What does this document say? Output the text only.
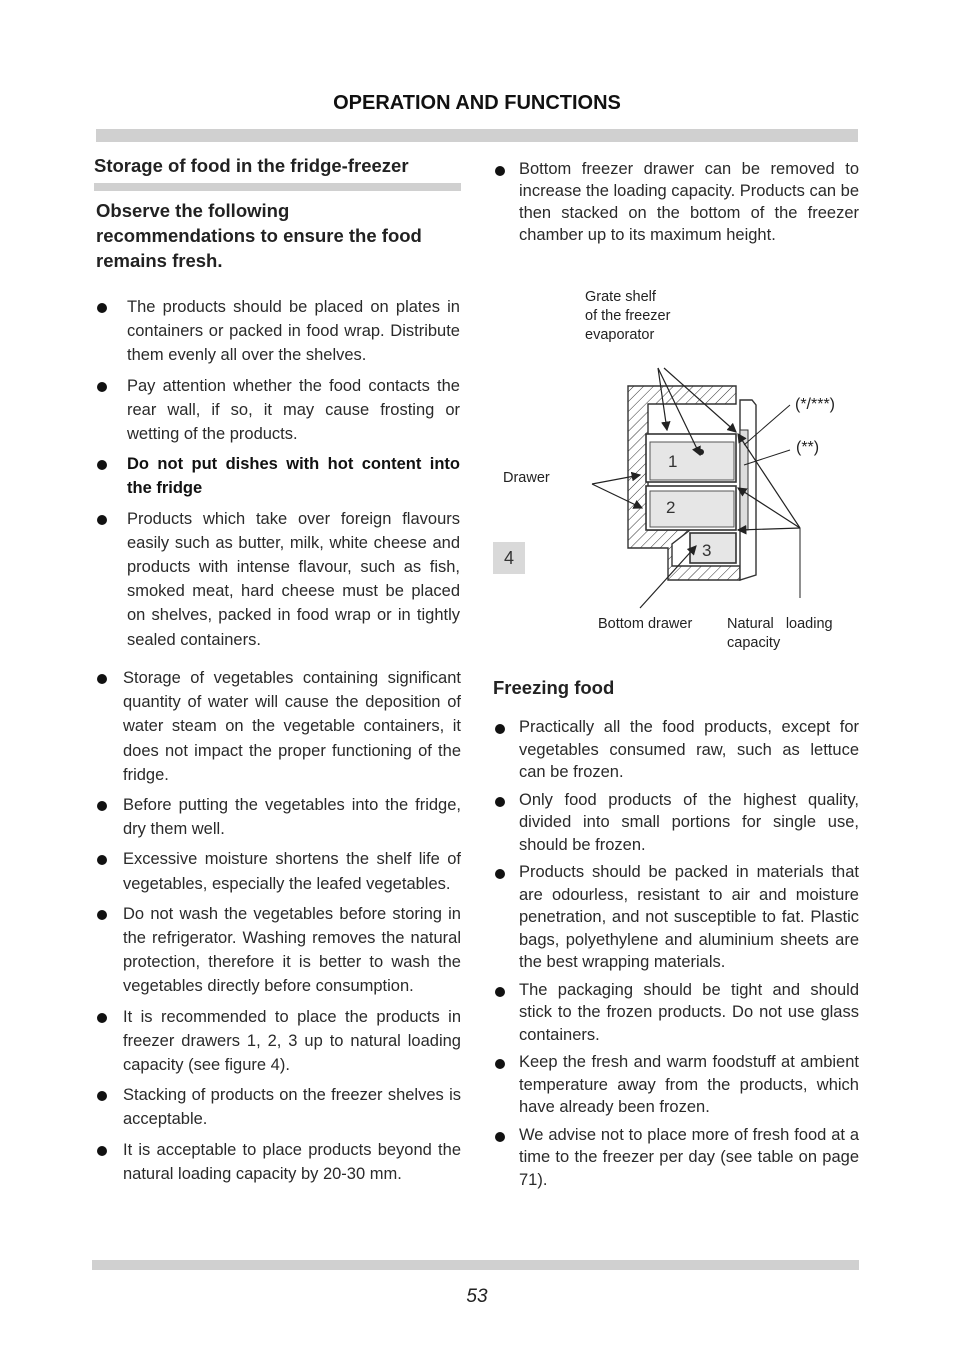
OPERATION AND FUNCTIONS
Storage of food in the fridge-freezer
Observe the following recommendations to ensure the food remains fresh.
The products should be placed on plates in containers or packed in food wrap. Distribute them evenly all over the shelves.
Pay attention whether the food contacts the rear wall, if so, it may cause frosting or wetting of the products.
Do not put dishes with hot content into the fridge
Products which take over foreign flavours easily such as butter, milk, white cheese and products with intense flavour, such as fish, smoked meat, hard cheese must be placed on shelves, packed in food wrap or in tightly sealed containers.
Storage of vegetables containing significant quantity of water will cause the deposition of water steam on the vegetable containers, it does not impact the proper functioning of the fridge.
Before putting the vegetables into the fridge, dry them well.
Excessive moisture shortens the shelf life of vegetables, especially the leafed vegetables.
Do not wash the vegetables before storing in the refrigerator. Washing removes the natural protection, therefore it is better to wash the vegetables directly before consumption.
It is recommended to place the products in freezer drawers 1, 2, 3 up to natural loading capacity (see figure 4).
Stacking of products on the freezer shelves is acceptable.
It is acceptable to place products beyond the natural loading capacity by 20-30 mm.
Bottom freezer drawer can be removed to increase the loading capacity. Products can be then stacked on the bottom of the freezer chamber up to its maximum height.
Grate shelf
of the freezer
evaporator
Drawer
(*/***)
(**)
Bottom drawer Natural   loading
capacity
4
1
2
3
Freezing food
Practically all the food products, except for vegetables consumed raw, such as lettuce can be frozen.
Only food products of the highest quality, divided into small portions for single use, should be frozen.
Products should be packed in materials that are odourless, resistant to air and moisture penetration, and not susceptible to fat. Plastic bags, polyethylene and aluminium sheets are the best wrapping materials.
The packaging should be tight and should stick to the frozen products. Do not use glass containers.
Keep the fresh and warm foodstuff at ambient temperature away from the products, which have already been frozen.
We advise not to place more of fresh food at a time to the freezer per day (see table on page 71).
53
